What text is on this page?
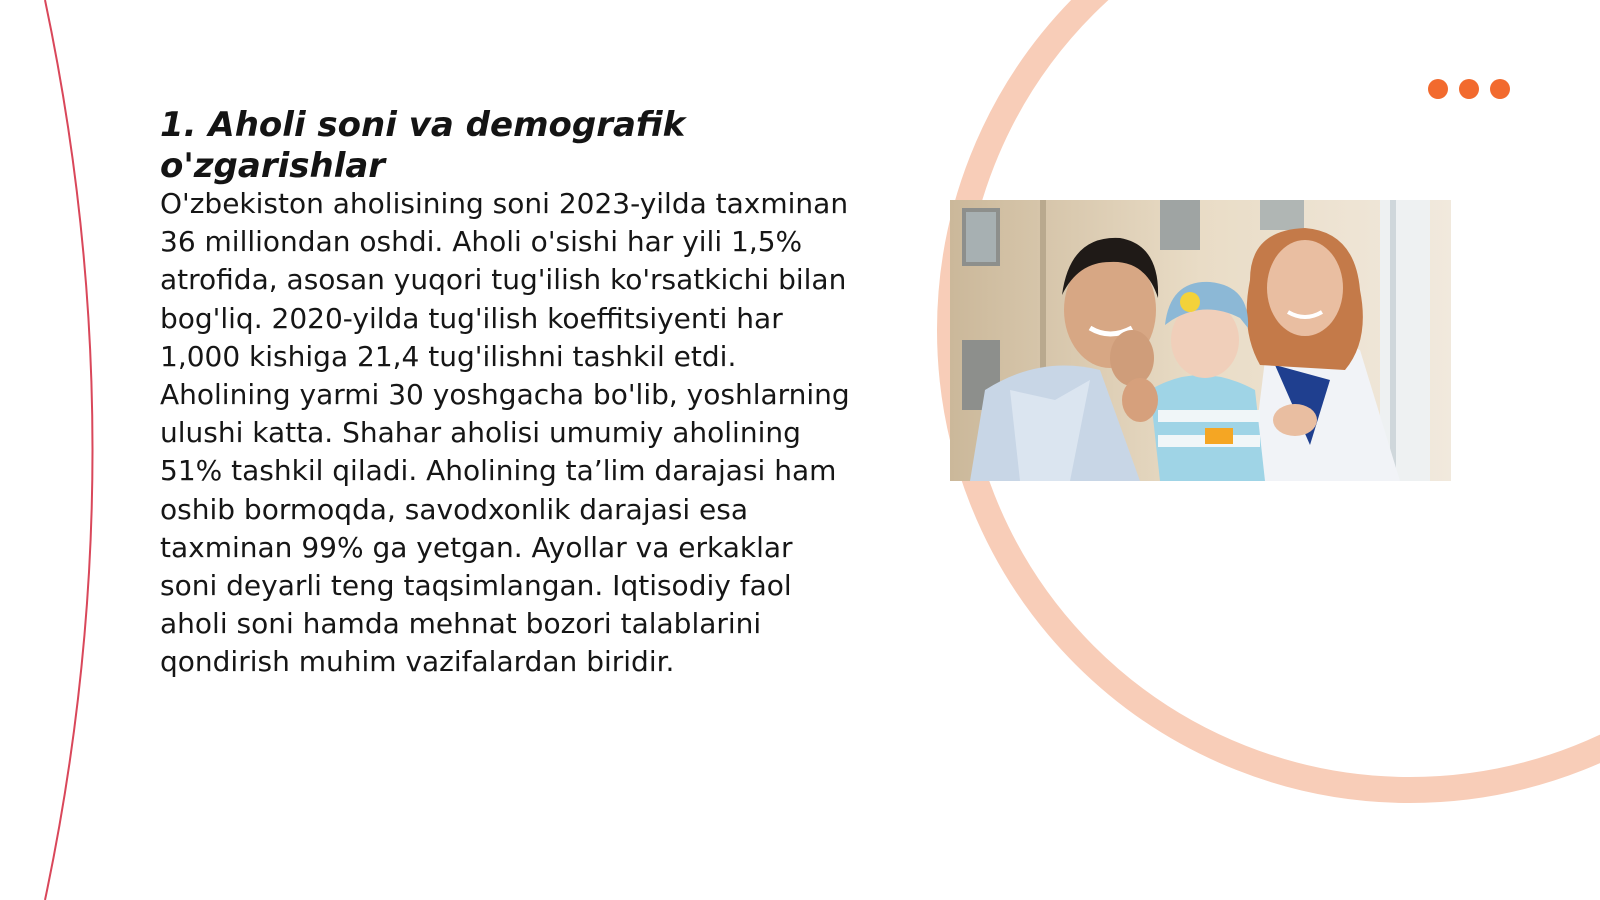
1. Aholi soni va demografik o'zgarishlar

O'zbekiston aholisining soni 2023-yilda taxminan 36 milliondan oshdi. Aholi o'sishi har yili 1,5% atrofida, asosan yuqori tug'ilish ko'rsatkichi bilan bog'liq. 2020-yilda tug'ilish koeffitsiyenti har 1,000 kishiga 21,4 tug'ilishni tashkil etdi. Aholining yarmi 30 yoshgacha bo'lib, yoshlarning ulushi katta. Shahar aholisi umumiy aholining 51% tashkil qiladi. Aholining ta’lim darajasi ham oshib bormoqda, savodxonlik darajasi esa taxminan 99% ga yetgan. Ayollar va erkaklar soni deyarli teng taqsimlangan. Iqtisodiy faol aholi soni hamda mehnat bozori talablarini qondirish muhim vazifalardan biridir.
